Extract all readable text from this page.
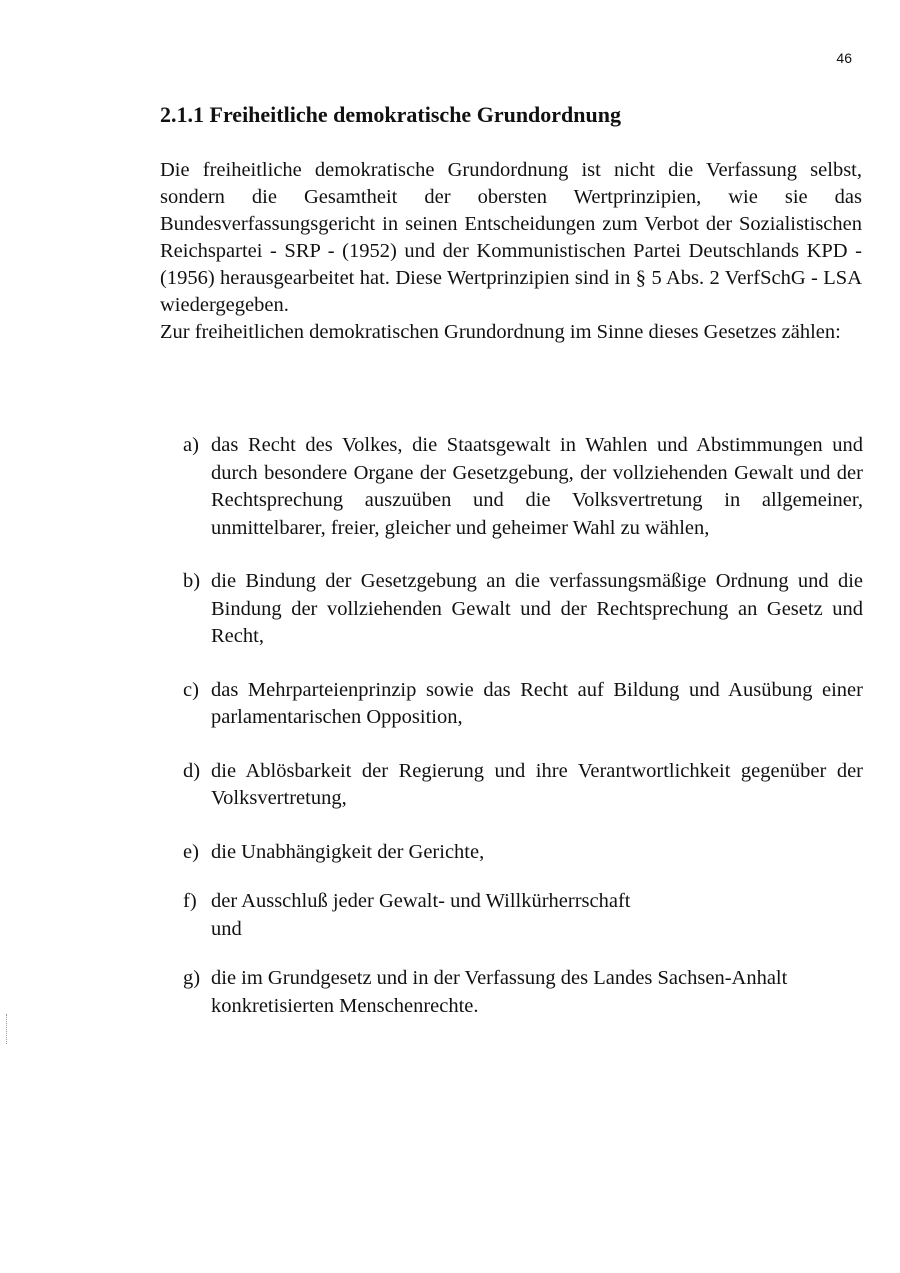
46
2.1.1 Freiheitliche demokratische Grundordnung

Die freiheitliche demokratische Grundordnung ist nicht die Verfassung selbst, sondern die Gesamtheit der obersten Wertprinzipien, wie sie das Bundesverfassungsgericht in seinen Entscheidungen zum Verbot der Sozialistischen Reichspartei - SRP - (1952) und der Kommunistischen Partei Deutschlands KPD - (1956) herausgearbeitet hat. Diese Wertprinzipien sind in § 5 Abs. 2 VerfSchG - LSA wiedergegeben.

Zur freiheitlichen demokratischen Grundordnung im Sinne dieses Gesetzes zählen:

a) das Recht des Volkes, die Staatsgewalt in Wahlen und Abstimmungen und durch besondere Organe der Gesetzgebung, der vollziehenden Gewalt und der Rechtsprechung auszuüben und die Volksvertretung in allgemeiner, unmittelbarer, freier, gleicher und geheimer Wahl zu wählen,
b) die Bindung der Gesetzgebung an die verfassungsmäßige Ordnung und die Bindung der vollziehenden Gewalt und der Rechtsprechung an Gesetz und Recht,
c) das Mehrparteienprinzip sowie das Recht auf Bildung und Ausübung einer parlamentarischen Opposition,
d) die Ablösbarkeit der Regierung und ihre Verantwortlichkeit gegenüber der Volksvertretung,
e) die Unabhängigkeit der Gerichte,
f) der Ausschluß jeder Gewalt- und Willkürherrschaft
und
g) die im Grundgesetz und in der Verfassung des Landes Sachsen-Anhalt konkretisierten Menschenrechte.
